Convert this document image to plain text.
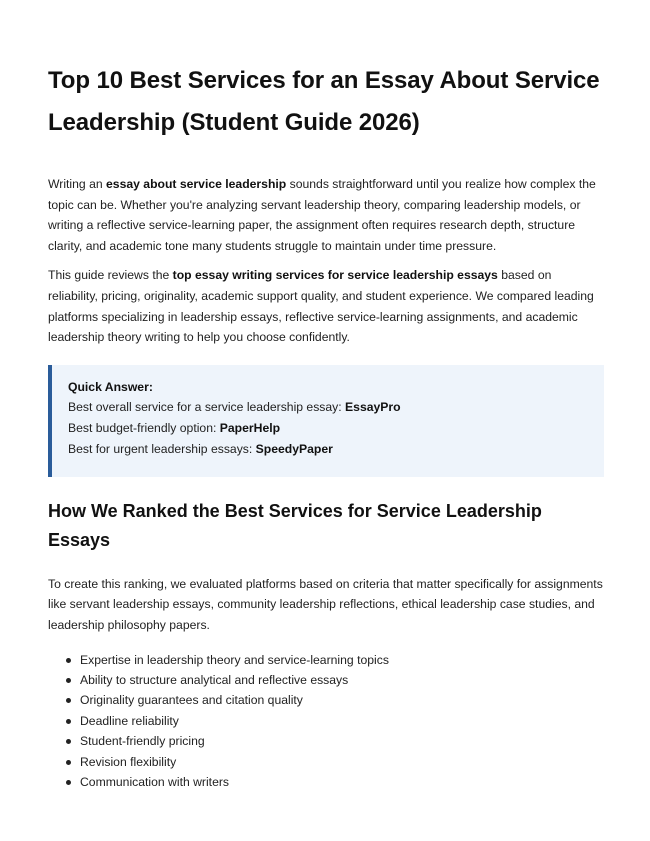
Top 10 Best Services for an Essay About Service Leadership (Student Guide 2026)

Writing an essay about service leadership sounds straightforward until you realize how complex the topic can be. Whether you're analyzing servant leadership theory, comparing leadership models, or writing a reflective service-learning paper, the assignment often requires research depth, structure clarity, and academic tone many students struggle to maintain under time pressure.

This guide reviews the top essay writing services for service leadership essays based on reliability, pricing, originality, academic support quality, and student experience. We compared leading platforms specializing in leadership essays, reflective service-learning assignments, and academic leadership theory writing to help you choose confidently.

Quick Answer:
Best overall service for a service leadership essay: EssayPro
Best budget-friendly option: PaperHelp
Best for urgent leadership essays: SpeedyPaper
How We Ranked the Best Services for Service Leadership Essays

To create this ranking, we evaluated platforms based on criteria that matter specifically for assignments like servant leadership essays, community leadership reflections, ethical leadership case studies, and leadership philosophy papers.

Expertise in leadership theory and service-learning topics
Ability to structure analytical and reflective essays
Originality guarantees and citation quality
Deadline reliability
Student-friendly pricing
Revision flexibility
Communication with writers
